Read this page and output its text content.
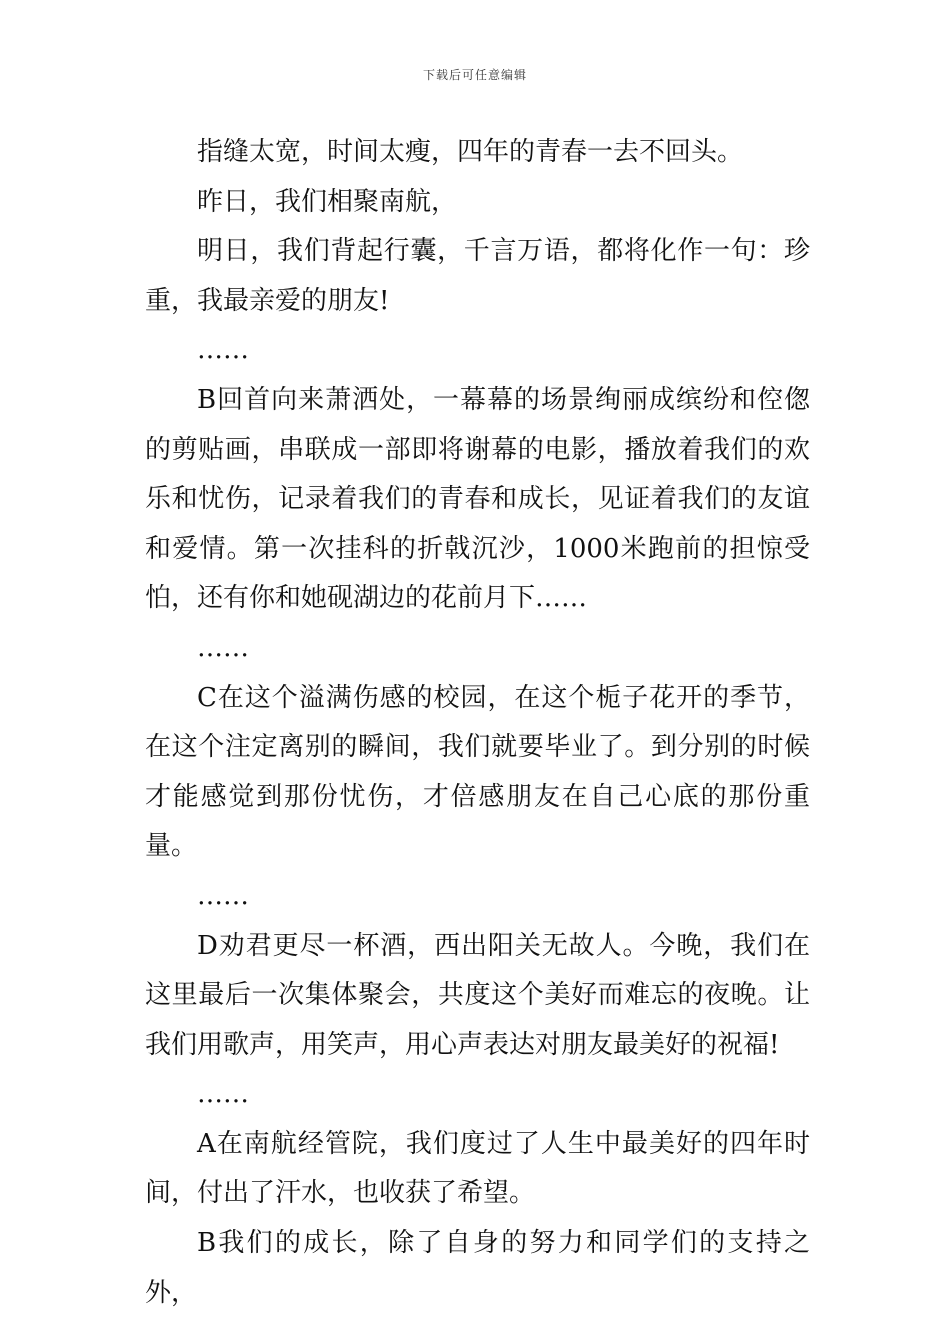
下载后可任意编辑

指缝太宽，时间太瘦，四年的青春一去不回头。

昨日，我们相聚南航，

明日，我们背起行囊，千言万语，都将化作一句：珍重，我最亲爱的朋友!

……

B回首向来萧洒处，一幕幕的场景绚丽成缤纷和倥偬的剪贴画，串联成一部即将谢幕的电影，播放着我们的欢乐和忧伤，记录着我们的青春和成长，见证着我们的友谊和爱情。第一次挂科的折戟沉沙，1000米跑前的担惊受怕，还有你和她砚湖边的花前月下……

……

C在这个溢满伤感的校园，在这个栀子花开的季节，在这个注定离别的瞬间，我们就要毕业了。到分别的时候才能感觉到那份忧伤，才倍感朋友在自己心底的那份重量。

……

D劝君更尽一杯酒，西出阳关无故人。今晚，我们在这里最后一次集体聚会，共度这个美好而难忘的夜晚。让我们用歌声，用笑声，用心声表达对朋友最美好的祝福!

……

A在南航经管院，我们度过了人生中最美好的四年时间，付出了汗水，也收获了希望。

B我们的成长，除了自身的努力和同学们的支持之外，
